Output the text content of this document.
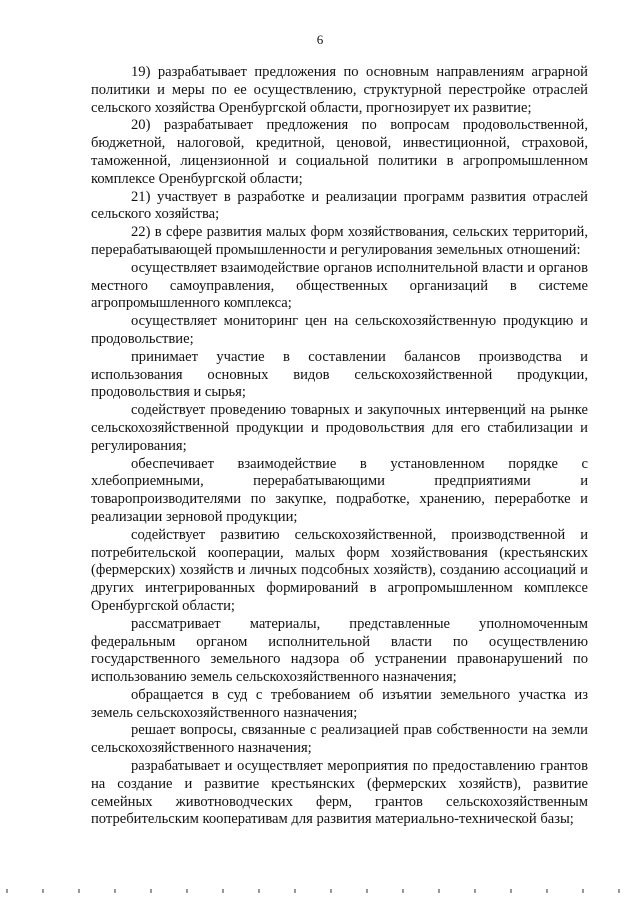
6

19) разрабатывает предложения по основным направлениям аграрной политики и меры по ее осуществлению, структурной перестройке отраслей сельского хозяйства Оренбургской области, прогнозирует их развитие;

20) разрабатывает предложения по вопросам продовольственной, бюджетной, налоговой, кредитной, ценовой, инвестиционной, страховой, таможенной, лицензионной и социальной политики в агропромышленном комплексе Оренбургской области;

21) участвует в разработке и реализации программ развития отраслей сельского хозяйства;

22) в сфере развития малых форм хозяйствования, сельских территорий, перерабатывающей промышленности и регулирования земельных отношений:

осуществляет взаимодействие органов исполнительной власти и органов местного самоуправления, общественных организаций в системе агропромышленного комплекса;

осуществляет мониторинг цен на сельскохозяйственную продукцию и продовольствие;

принимает участие в составлении балансов производства и использования основных видов сельскохозяйственной продукции, продовольствия и сырья;

содействует проведению товарных и закупочных интервенций на рынке сельскохозяйственной продукции и продовольствия для его стабилизации и регулирования;

обеспечивает взаимодействие в установленном порядке с хлебоприемными, перерабатывающими предприятиями и товаропроизводителями по закупке, подработке, хранению, переработке и реализации зерновой продукции;

содействует развитию сельскохозяйственной, производственной и потребительской кооперации, малых форм хозяйствования (крестьянских (фермерских) хозяйств и личных подсобных хозяйств), созданию ассоциаций и других интегрированных формирований в агропромышленном комплексе Оренбургской области;

рассматривает материалы, представленные уполномоченным федеральным органом исполнительной власти по осуществлению государственного земельного надзора об устранении правонарушений по использованию земель сельскохозяйственного назначения;

обращается в суд с требованием об изъятии земельного участка из земель сельскохозяйственного назначения;

решает вопросы, связанные с реализацией прав собственности на земли сельскохозяйственного назначения;

разрабатывает и осуществляет мероприятия по предоставлению грантов на создание и развитие крестьянских (фермерских хозяйств), развитие семейных животноводческих ферм, грантов сельскохозяйственным потребительским кооперативам для развития материально-технической базы;
